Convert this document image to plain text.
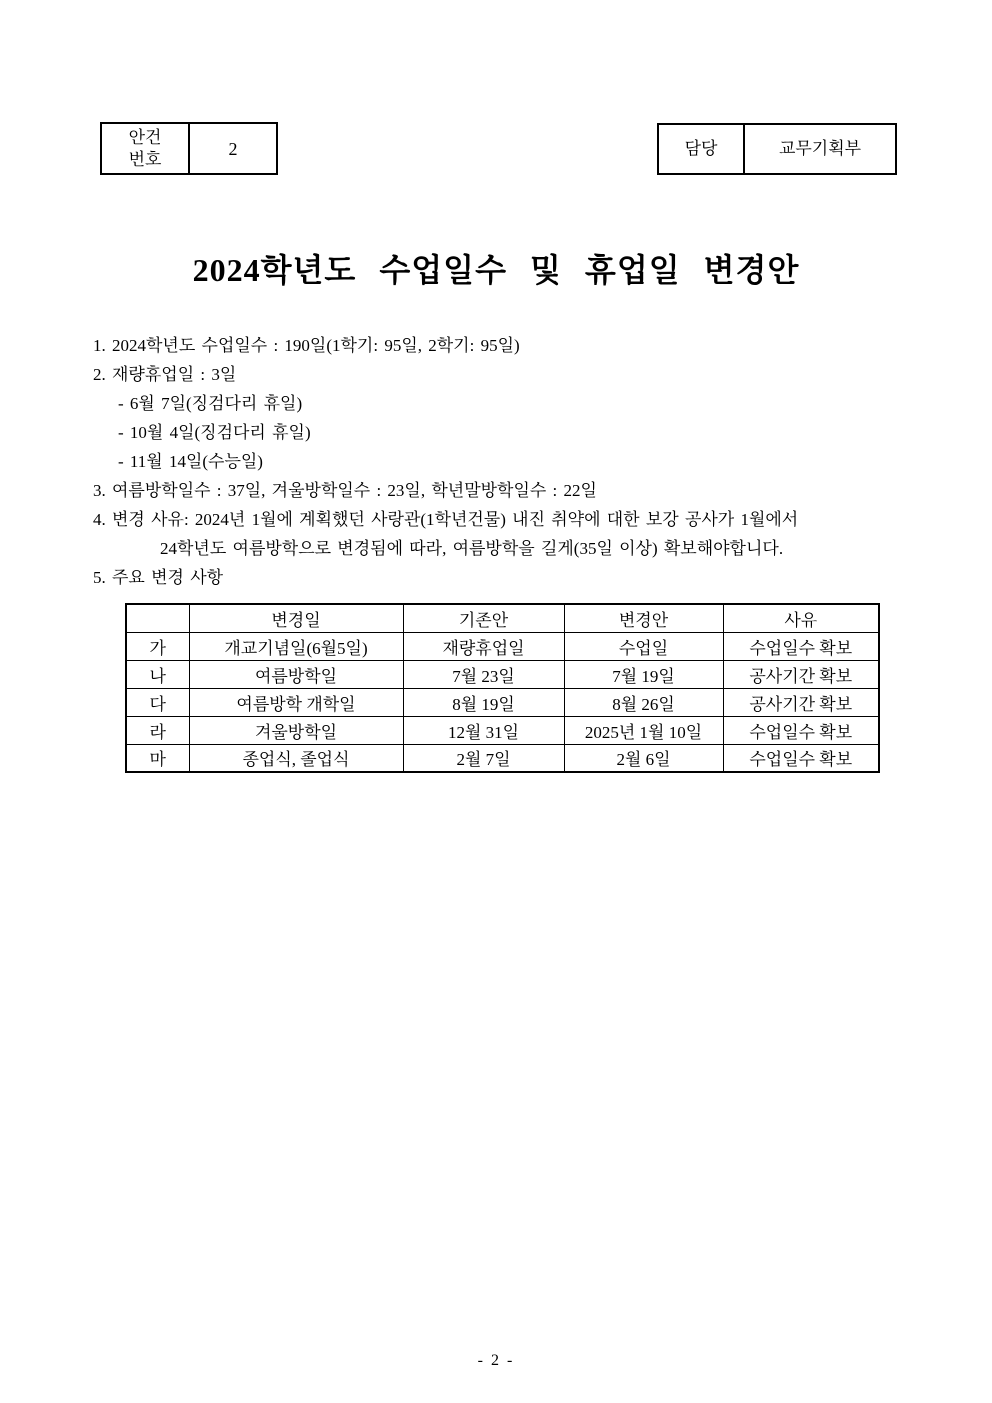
안건
번호
2	담당	교무기획부
2024학년도 수업일수 및 휴업일 변경안
1. 2024학년도 수업일수 : 190일(1학기: 95일, 2학기: 95일)
2. 재량휴업일 : 3일
- 6월 7일(징검다리 휴일)
- 10월 4일(징검다리 휴일)
- 11월 14일(수능일)
3. 여름방학일수 : 37일, 겨울방학일수 : 23일, 학년말방학일수 : 22일
4. 변경 사유: 2024년 1월에 계획했던 사랑관(1학년건물) 내진 취약에 대한 보강 공사가 1월에서
24학년도 여름방학으로 변경됨에 따라, 여름방학을 길게(35일 이상) 확보해야합니다.
5. 주요 변경 사항
	변경일	기존안	변경안	사유
가	개교기념일(6월5일)	재량휴업일	수업일	수업일수 확보
나	여름방학일	7월 23일	7월 19일	공사기간 확보
다	여름방학 개학일	8월 19일	8월 26일	공사기간 확보
라	겨울방학일	12월 31일	2025년 1월 10일	수업일수 확보
마	종업식, 졸업식	2월 7일	2월 6일	수업일수 확보
- 2 -
